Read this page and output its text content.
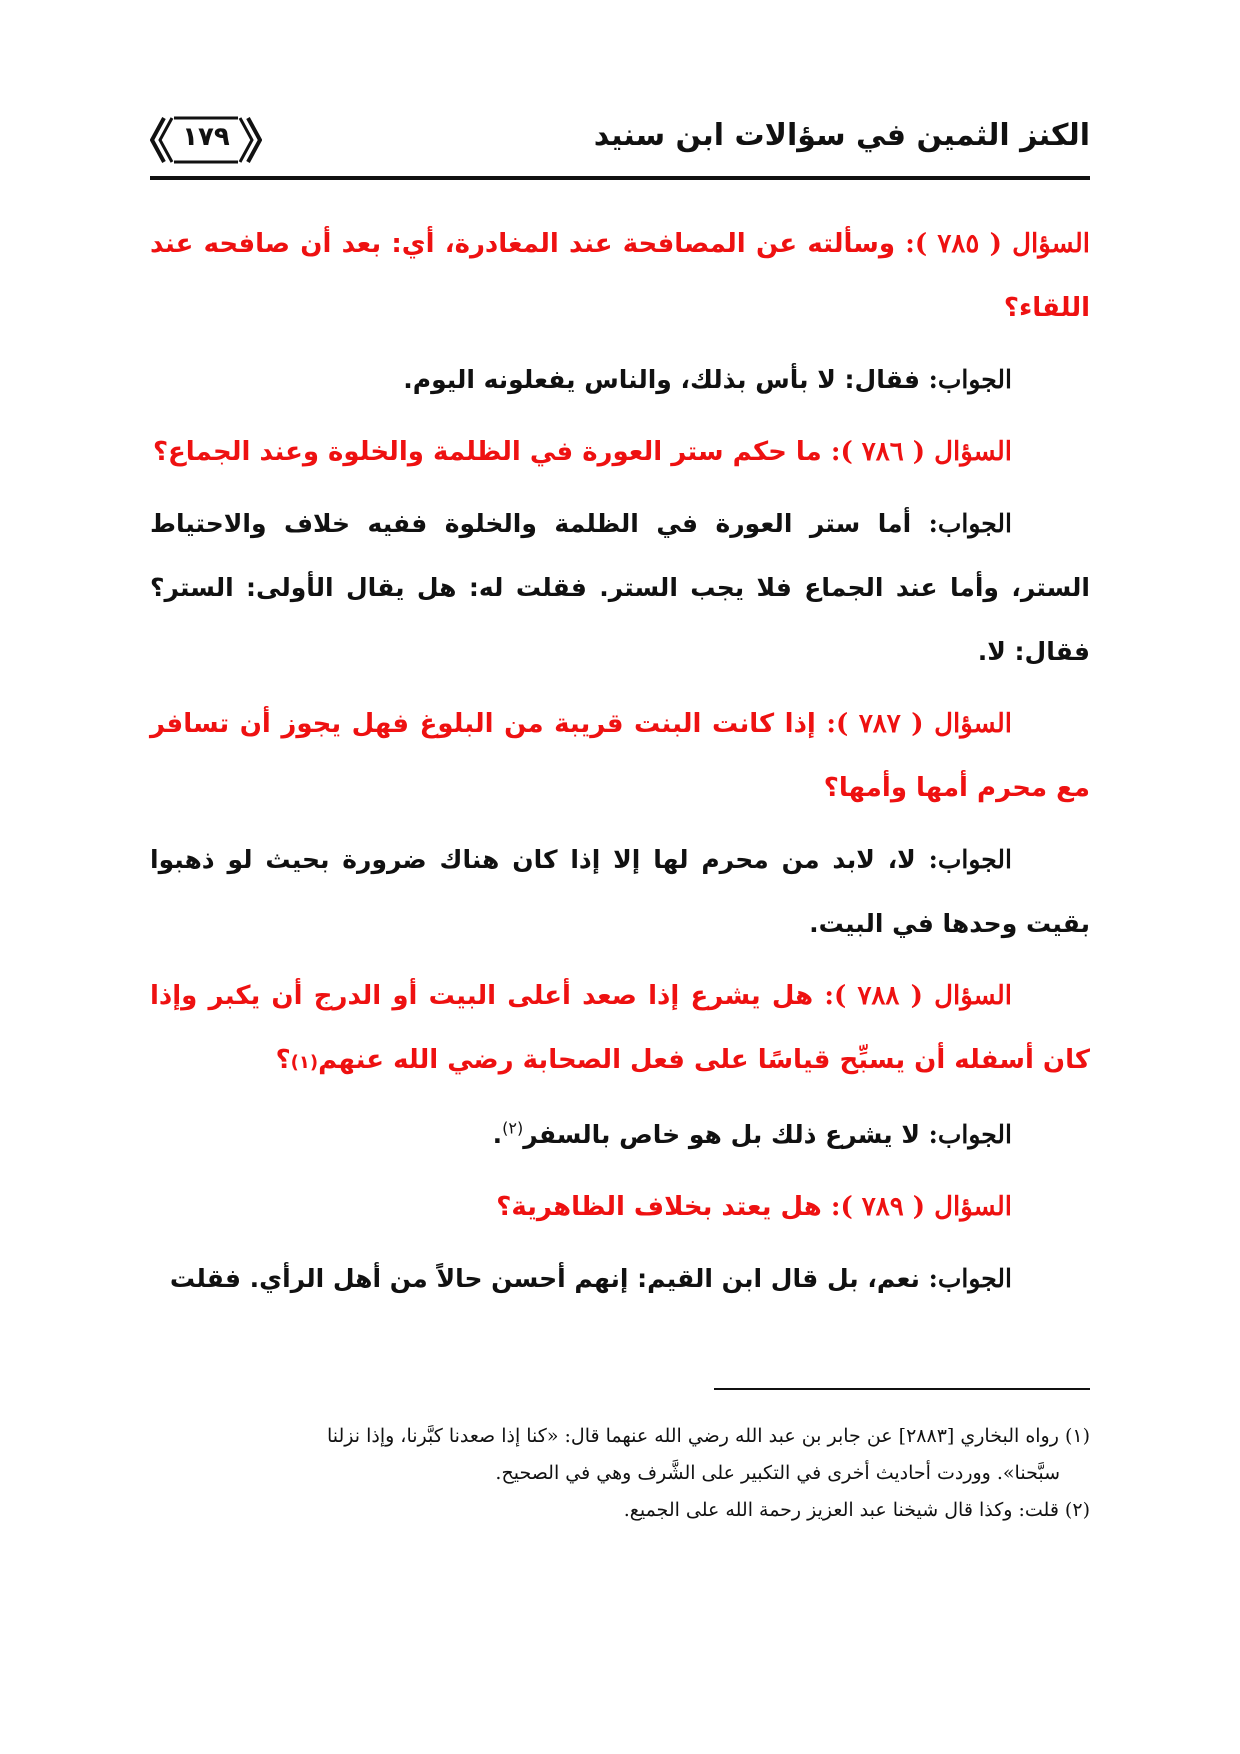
١٧٩	الكنز الثمين في سؤالات ابن سنيد

السؤال ( ٧٨٥ ): وسألته عن المصافحة عند المغادرة، أي: بعد أن صافحه عند اللقاء؟

الجواب: فقال: لا بأس بذلك، والناس يفعلونه اليوم.

السؤال ( ٧٨٦ ): ما حكم ستر العورة في الظلمة والخلوة وعند الجماع؟

الجواب: أما ستر العورة في الظلمة والخلوة ففيه خلاف والاحتياط الستر، وأما عند الجماع فلا يجب الستر. فقلت له: هل يقال الأولى: الستر؟ فقال: لا.

السؤال ( ٧٨٧ ): إذا كانت البنت قريبة من البلوغ فهل يجوز أن تسافر مع محرم أمها وأمها؟

الجواب: لا، لابد من محرم لها إلا إذا كان هناك ضرورة بحيث لو ذهبوا بقيت وحدها في البيت.

السؤال ( ٧٨٨ ): هل يشرع إذا صعد أعلى البيت أو الدرج أن يكبر وإذا كان أسفله أن يسبِّح قياسًا على فعل الصحابة رضي الله عنهم(١)؟

الجواب: لا يشرع ذلك بل هو خاص بالسفر$^{(٢)}$.

السؤال ( ٧٨٩ ): هل يعتد بخلاف الظاهرية؟

الجواب: نعم، بل قال ابن القيم: إنهم أحسن حالاً من أهل الرأي. فقلت

(١) رواه البخاري [٢٨٨٣] عن جابر بن عبد الله رضي الله عنهما قال: «كنا إذا صعدنا كبَّرنا، وإذا نزلنا

سبَّحنا». ووردت أحاديث أخرى في التكبير على الشَّرف وهي في الصحيح.

(٢) قلت: وكذا قال شيخنا عبد العزيز رحمة الله على الجميع.
